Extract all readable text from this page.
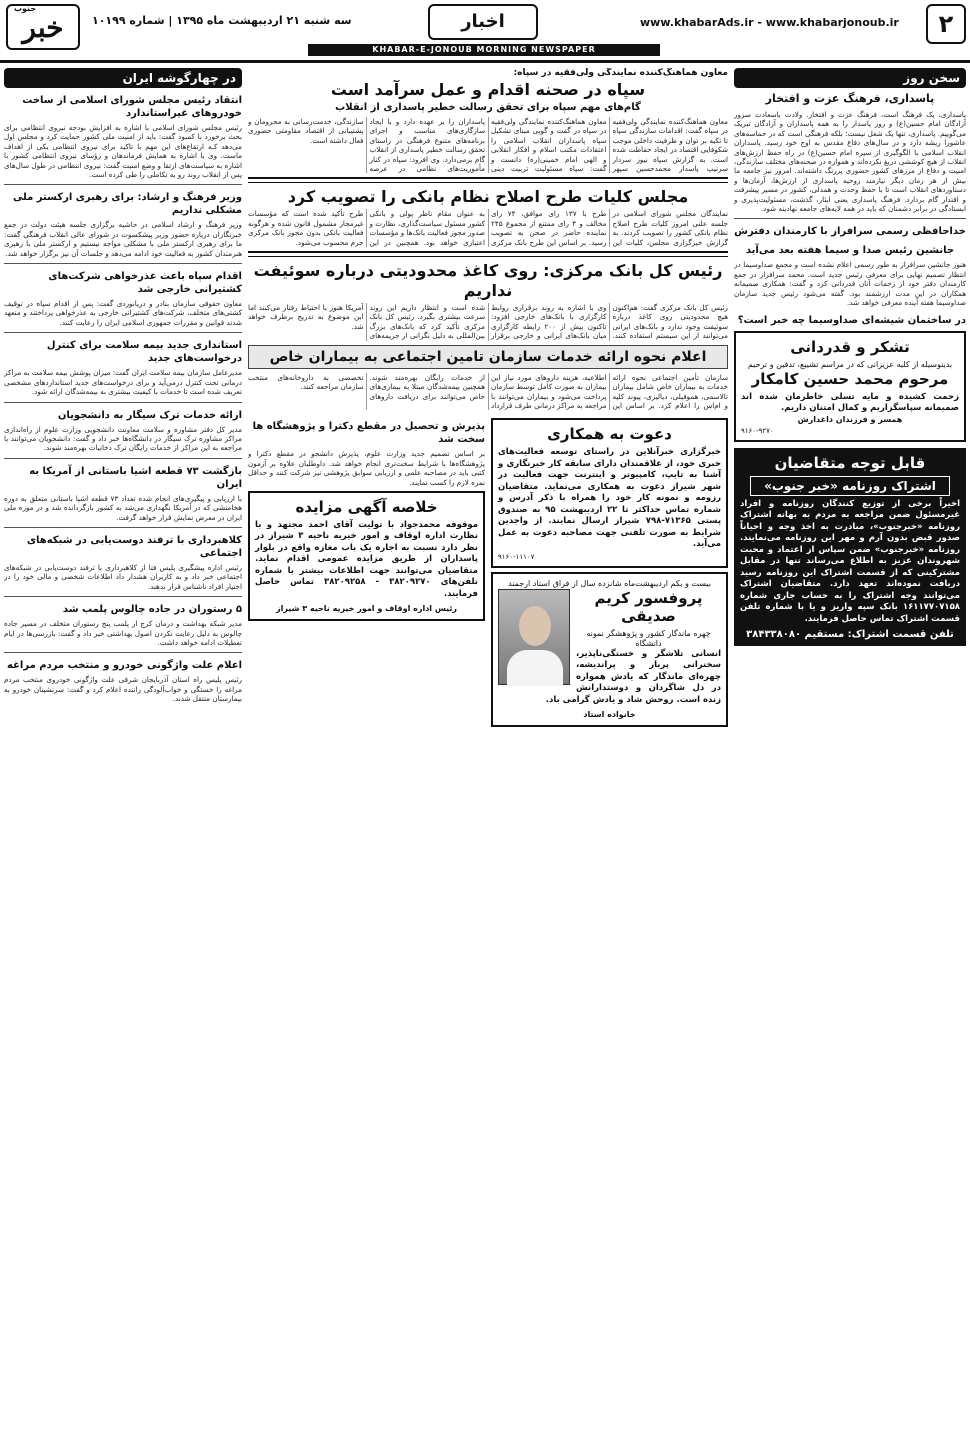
جنوب
خبر	سه شنبه ۲۱ اردیبهشت ماه ۱۳۹۵ | شماره ۱۰۱۹۹	اخبار
KHABAR-E-JONOUB MORNING NEWSPAPER
www.khabarAds.ir - www.khabarjonoub.ir	۲
در چهارگوشه ایران
انتقاد رئیس مجلس شورای اسلامی از ساخت خودروهای غیراستاندارد
رئیس مجلس شورای اسلامی با اشاره به افزایش بودجه نیروی انتظامی برای بحث برخورد با کمبود گفت: باید از امنیت ملی کشور حمایت کرد و مجلس اول می‌دهد کـه ارتقاع‌های این مهم با تاکید برای نیروی انتظامی یکی از اهداف ماست. وی با اشاره به همایش فرماندهان و رؤسای نیروی انتظامی کشور با اشاره به سیاست‌های ارتقا و وضع امنیت گفت: نیروی انتظامی در طول سال‌های پس از انقلاب روند رو به تکاملی را طی کرده است.
وزیر فرهنگ و ارشاد: برای رهبری ارکستر ملی مشکلی نداریم
وزیر فرهنگ و ارشاد اسلامی در حاشیه برگزاری جلسه هیئت دولت در جمع خبرنگاران درباره حضور وزیر پیشکسوت در شورای عالی انقلاب فرهنگی گفت: ما برای رهبری ارکستر ملی با مشکلی مواجه نیستیم و ارکستر ملی با رهبری هنرمندان کشور به فعالیت خود ادامه می‌دهد و جلسات آن نیز برگزار خواهد شد.
اقدام سپاه باعث عذرخواهی شرکت‌های کشتیرانی خارجی شد
معاون حقوقی سازمان بنادر و دریانوردی گفت: پس از اقدام سپاه در توقیف کشتی‌های متخلف، شرکت‌های کشتیرانی خارجی به عذرخواهی پرداختند و متعهد شدند قوانین و مقررات جمهوری اسلامی ایران را رعایت کنند.
استانداری جدید بیمه سلامت برای کنترل درخواست‌های جدید
مدیرعامل سازمان بیمه سلامت ایران گفت: میزان پوشش بیمه سلامت به مراکز درمانی تحت کنترل درمی‌آید و برای درخواست‌های جدید استانداردهای مشخصی تعریف شده است تا خدمات با کیفیت بیشتری به بیمه‌شدگان ارائه شود.
ارائه خدمات ترک سیگار به دانشجویان
مدیر کل دفتر مشاوره و سلامت معاونت دانشجویی وزارت علوم از راه‌اندازی مراکز مشاوره ترک سیگار در دانشگاه‌ها خبر داد و گفت: دانشجویان می‌توانند با مراجعه به این مراکز از خدمات رایگان ترک دخانیات بهره‌مند شوند.
بازگشت ۷۳ قطعه اشیا باستانی از آمریکا به ایران
با ارزیابی و پیگیری‌های انجام شده تعداد ۷۳ قطعه اشیا باستانی متعلق به دوره هخامنشی که در آمریکا نگهداری می‌شد به کشور بازگردانده شد و در موزه ملی ایران در معرض نمایش قرار خواهد گرفت.
کلاهبرداری با ترفند دوست‌یابی در شبکه‌های اجتماعی
رئیس اداره پیشگیری پلیس فتا از کلاهبرداری با ترفند دوست‌یابی در شبکه‌های اجتماعی خبر داد و به کاربران هشدار داد اطلاعات شخصی و مالی خود را در اختیار افراد ناشناس قرار ندهند.
۵ رستوران در جاده چالوس پلمب شد
مدیر شبکه بهداشت و درمان کرج از پلمب پنج رستوران متخلف در مسیر جاده چالوس به دلیل رعایت نکردن اصول بهداشتی خبر داد و گفت: بازرسی‌ها در ایام تعطیلات ادامه خواهد داشت.
اعلام علت واژگونی خودرو و منتخب مردم مراغه
رئیس پلیس راه استان آذربایجان شرقی علت واژگونی خودروی منتخب مردم مراغه را خستگی و خواب‌آلودگی راننده اعلام کرد و گفت: سرنشینان خودرو به بیمارستان منتقل شدند.
معاون هماهنگ‌کننده نمایندگی ولی‌فقیه در سپاه:
سپاه در صحنه اقدام و عمل سرآمد است
گام‌های مهم سپاه برای تحقق رسالت خطیر پاسداری از انقلاب
معاون هماهنگ‌کننده نمایندگی ولی‌فقیه در سپاه گفت: اقدامات سازندگی سپاه تا تکیه بر توان و ظرفیت داخلی موجب شکوفایی اقتصاد در ایجاد حفاظت شده است. به گزارش سپاه نیوز سردار سرتیپ پاسدار محمدحسین سپهر معاون هماهنگ‌کننده نمایندگی ولی‌فقیه در سپاه در گفت و گویی مبنای تشکیل سپاه پاسداران انقلاب اسلامی را اعتقادات مکتب اسلام و افکار انقلابی و الهی امام خمینی(ره) دانست و گفت: سپاه مسئولیت تربیت دینی پاسداران را بر عهده دارد و با ایجاد سازگاری‌های مناسب و اجرای برنامه‌های متنوع فرهنگی در راستای تحقق رسالت خطیر پاسداری از انقلاب گام برمی‌دارد. وی افزود: سپاه در کنار مأموریت‌های نظامی در عرصه سازندگی، خدمت‌رسانی به محرومان و پشتیبانی از اقتصاد مقاومتی حضوری فعال داشته است.
مجلس کلیات طرح اصلاح نظام بانکی را تصویب کرد
نمایندگان مجلس شورای اسلامی در جلسه علنی امروز کلیات طرح اصلاح نظام بانکی کشور را تصویب کردند. به گزارش خبرگزاری مجلس، کلیات این طرح با ۱۳۷ رای موافق، ۷۴ رای مخالف و ۴ رای ممتنع از مجموع ۲۴۵ نماینده حاضر در صحن به تصویب رسید. بر اساس این طرح بانک مرکزی به عنوان مقام ناظر پولی و بانکی کشور مسئول سیاست‌گذاری، نظارت و صدور مجوز فعالیت بانک‌ها و مؤسسات اعتباری خواهد بود. همچنین در این طرح تأکید شده است که مؤسسات غیرمجاز مشمول قانون شده و هرگونه فعالیت بانکی بدون مجوز بانک مرکزی جرم محسوب می‌شود.
رئیس کل بانک مرکزی: روی کاغذ محدودیتی درباره سوئیفت نداریم
رئیس کل بانک مرکزی گفت: هم‌اکنون هیچ محدودیتی روی کاغذ درباره سوئیفت وجود ندارد و بانک‌های ایرانی می‌توانند از این سیستم استفاده کنند. وی با اشاره به روند برقراری روابط کارگزاری با بانک‌های خارجی افزود: تاکنون بیش از ۲۰۰ رابطه کارگزاری میان بانک‌های ایرانی و خارجی برقرار شده است و انتظار داریم این روند سرعت بیشتری بگیرد. رئیس کل بانک مرکزی تأکید کرد که بانک‌های بزرگ بین‌المللی به دلیل نگرانی از جریمه‌های آمریکا هنوز با احتیاط رفتار می‌کنند اما این موضوع به تدریج برطرف خواهد شد.
اعلام نحوه ارائه خدمات سازمان تامین اجتماعی به بیماران خاص
سازمان تأمین اجتماعی نحوه ارائه خدمات به بیماران خاص شامل بیماران تالاسمی، هموفیلی، دیالیزی، پیوند کلیه و ام‌اس را اعلام کرد. بر اساس این اطلاعیه، هزینه داروهای مورد نیاز این بیماران به صورت کامل توسط سازمان پرداخت می‌شود و بیماران می‌توانند با مراجعه به مراکز درمانی طرف قرارداد از خدمات رایگان بهره‌مند شوند. همچنین بیمه‌شدگان مبتلا به بیماری‌های خاص می‌توانند برای دریافت داروهای تخصصی به داروخانه‌های منتخب سازمان مراجعه کنند.
دعوت به همکاری
خبرگزاری خبرآنلاین در راستای توسعه فعالیت‌های خبری خود، از علاقمندان دارای سابقه کار خبرنگاری و آشنا به تایپ، کامپیوتر و اینترنت جهت فعالیت در شهر شیراز دعوت به همکاری می‌نماید. متقاضیان رزومه و نمونه کار خود را همراه با ذکر آدرس و شماره تماس حداکثر تا ۲۲ اردیبهشت ۹۵ به صندوق پستی ۷۱۳۶۵-۷۹۸ شیراز ارسال نمایند. از واجدین شرایط به صورت تلفنی جهت مصاحبه دعوت به عمل می‌آید.
۹۱۶۰-۱۱۱۰۷
بیست و یکم اردیبهشت‌ماه شانزده سال از فراق استاد ارجمند
پروفسور کریم صدیقی
چهره ماندگار کشور و پژوهشگر نمونه دانشگاه
انسانی تلاشگر و خستگی‌ناپذیر، سخنرانی پربار و پراندیشه، چهره‌ای ماندگار که یادش همواره در دل شاگردان و دوستدارانش زنده است. روحش شاد و یادش گرامی باد.
خانواده استاد
پذیرش و تحصیل در مقطع دکترا و پژوهشگاه ها سخت شد
بر اساس تصمیم جدید وزارت علوم، پذیرش دانشجو در مقطع دکترا و پژوهشگاه‌ها با شرایط سخت‌تری انجام خواهد شد. داوطلبان علاوه بر آزمون کتبی باید در مصاحبه علمی و ارزیابی سوابق پژوهشی نیز شرکت کنند و حداقل نمره لازم را کسب نمایند.
خلاصه آگهی مزایده
موقوفه محمدجواد با تولیت آقای احمد مجتهد و با نظارت اداره اوقاف و امور خیریه ناحیه ۳ شیراز در نظر دارد نسبت به اجاره یک باب مغازه واقع در بلوار پاسداران از طریق مزایده عمومی اقدام نماید. متقاضیان می‌توانند جهت اطلاعات بیشتر با شماره تلفن‌های ۳۸۲۰۹۲۷۰ - ۳۸۲۰۹۲۵۸ تماس حاصل فرمایند.
رئیس اداره اوقاف و امور خیریه ناحیه ۳ شیراز
سخن روز
پاسداری، فرهنگ عزت و افتخار
پاسداری، یک فرهنگ است، فرهنگ عزت و افتخار. ولادت باسعادت سرور آزادگان امام حسین(ع) و روز پاسدار را به همه پاسداران و آزادگان تبریک می‌گوییم. پاسداری، تنها یک شغل نیست؛ بلکه فرهنگی است که در حماسه‌های عاشورا ریشه دارد و در سال‌های دفاع مقدس به اوج خود رسید. پاسداران انقلاب اسلامی با الگوگیری از سیره امام حسین(ع) در راه حفظ ارزش‌های انقلاب از هیچ کوششی دریغ نکرده‌اند و همواره در صحنه‌های مختلف سازندگی، امنیت و دفاع از مرزهای کشور حضوری پررنگ داشته‌اند. امروز نیز جامعه ما بیش از هر زمان دیگر نیازمند روحیه پاسداری از ارزش‌ها، آرمان‌ها و دستاوردهای انقلاب است تا با حفظ وحدت و همدلی، کشور در مسیر پیشرفت و اقتدار گام بردارد. فرهنگ پاسداری یعنی ایثار، گذشت، مسئولیت‌پذیری و ایستادگی در برابر دشمنان که باید در همه لایه‌های جامعه نهادینه شود.
خداحافظی رسمی سرافراز با کارمندان دفترش
جانشین رئیس صدا و سیما هفته بعد می‌آید
هنوز جانشین سرافراز به طور رسمی اعلام نشده است و مجمع صداوسیما در انتظار تصمیم نهایی برای معرفی رئیس جدید است. محمد سرافراز در جمع کارمندان دفتر خود از زحمات آنان قدردانی کرد و گفت: همکاری صمیمانه همکاران در این مدت ارزشمند بود. گفته می‌شود رئیس جدید سازمان صداوسیما هفته آینده معرفی خواهد شد.
در ساختمان شیشه‌ای صداوسیما چه خبر است؟
تشکر و قدردانی
بدینوسیله از کلیه عزیزانی که در مراسم تشییع، تدفین و ترحیم
مرحوم محمد حسین کامکار
زحمت کشیده و مایه تسلی خاطرمان شده اند صمیمانه سپاسگزاریم و کمال امتنان داریم.
همسر و فرزندان داغدارش
۹۱۶۰-۹۲۷۰
قابل توجه متقاضیان
اشتراک روزنامه «خبر جنوب»
اخیراً برخی از توزیع کنندگان روزنامه و افراد غیرمسئول ضمن مراجعه به مردم به بهانه اشتراک روزنامه «خبرجنوب»، مبادرت به اخذ وجه و احیاناً صدور قبض بدون آرم و مهر این روزنامه می‌نمایند. روزنامه «خبرجنوب» ضمن سپاس از اعتماد و محبت شهروندان عزیز به اطلاع می‌رساند تنها در مقابل مشترکینی که از قسمت اشتراک این روزنامه رسید دریافت نموده‌اند تعهد دارد. متقاضیان اشتراک می‌توانند وجه اشتراک را به حساب جاری شماره ۱۶۱۱۷۷۰۷۱۵۸ بانک سپه واریز و یا با شماره تلفن قسمت اشتراک تماس حاصل فرمایند.
تلفن قسمت اشتراک: مستقیم ۳۸۴۳۳۸۰۸۰
